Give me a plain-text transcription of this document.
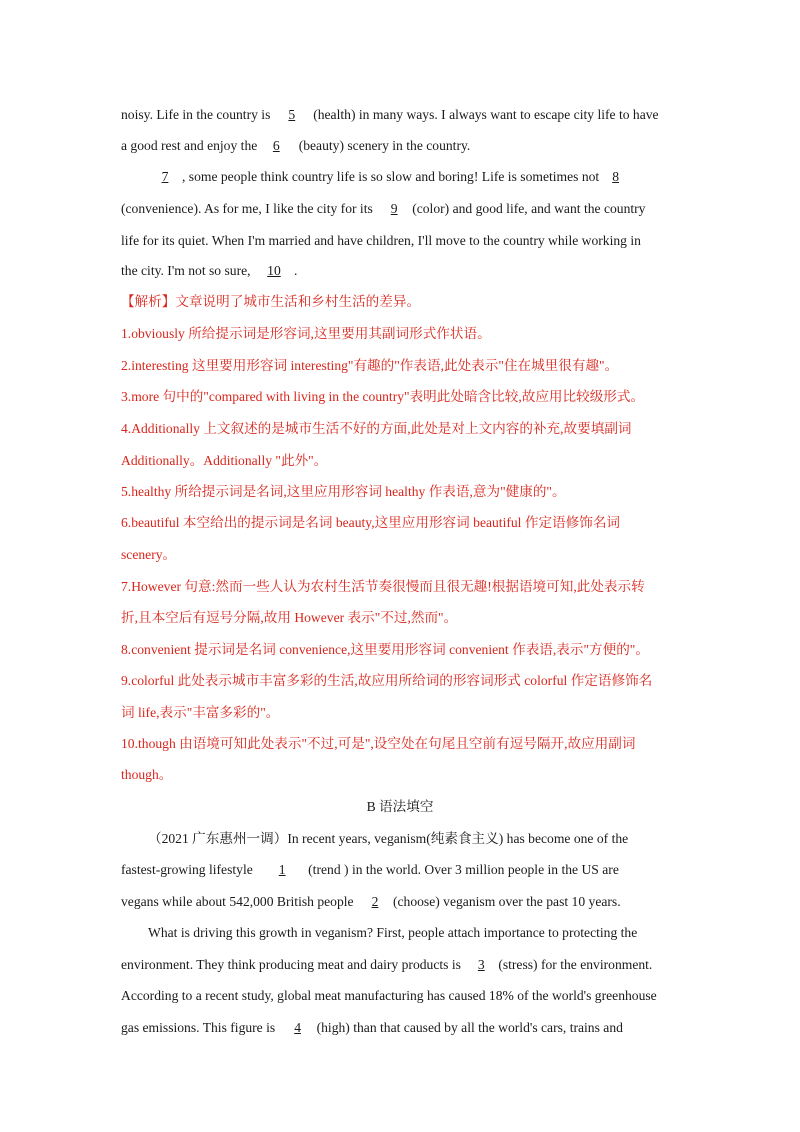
noisy. Life in the country is 5 (health) in many ways. I always want to escape city life to have
a good rest and enjoy the 6 (beauty) scenery in the country.
7 , some people think country life is so slow and boring! Life is sometimes not 8
(convenience). As for me, I like the city for its 9 (color) and good life, and want the country
life for its quiet. When I'm married and have children, I'll move to the country while working in
the city. I'm not so sure, 10 .
【解析】文章说明了城市生活和乡村生活的差异。
1.obviously 所给提示词是形容词,这里要用其副词形式作状语。
2.interesting 这里要用形容词 interesting"有趣的"作表语,此处表示"住在城里很有趣"。
3.more 句中的"compared with living in the country"表明此处暗含比较,故应用比较级形式。
4.Additionally 上文叙述的是城市生活不好的方面,此处是对上文内容的补充,故要填副词
Additionally。Additionally "此外"。
5.healthy 所给提示词是名词,这里应用形容词 healthy 作表语,意为"健康的"。
6.beautiful 本空给出的提示词是名词 beauty,这里应用形容词 beautiful 作定语修饰名词
scenery。
7.However 句意:然而一些人认为农村生活节奏很慢而且很无趣!根据语境可知,此处表示转
折,且本空后有逗号分隔,故用 However 表示"不过,然而"。
8.convenient 提示词是名词 convenience,这里要用形容词 convenient 作表语,表示"方便的"。
9.colorful 此处表示城市丰富多彩的生活,故应用所给词的形容词形式 colorful 作定语修饰名
词 life,表示"丰富多彩的"。
10.though 由语境可知此处表示"不过,可是",设空处在句尾且空前有逗号隔开,故应用副词
though。
B 语法填空
（2021 广东惠州一调）In recent years, veganism(纯素食主义) has become one of the
fastest-growing lifestyle 1 (trend ) in the world. Over 3 million people in the US are
vegans while about 542,000 British people 2 (choose) veganism over the past 10 years.
What is driving this growth in veganism? First, people attach importance to protecting the
environment. They think producing meat and dairy products is 3 (stress) for the environment.
According to a recent study, global meat manufacturing has caused 18% of the world's greenhouse
gas emissions. This figure is 4 (high) than that caused by all the world's cars, trains and
